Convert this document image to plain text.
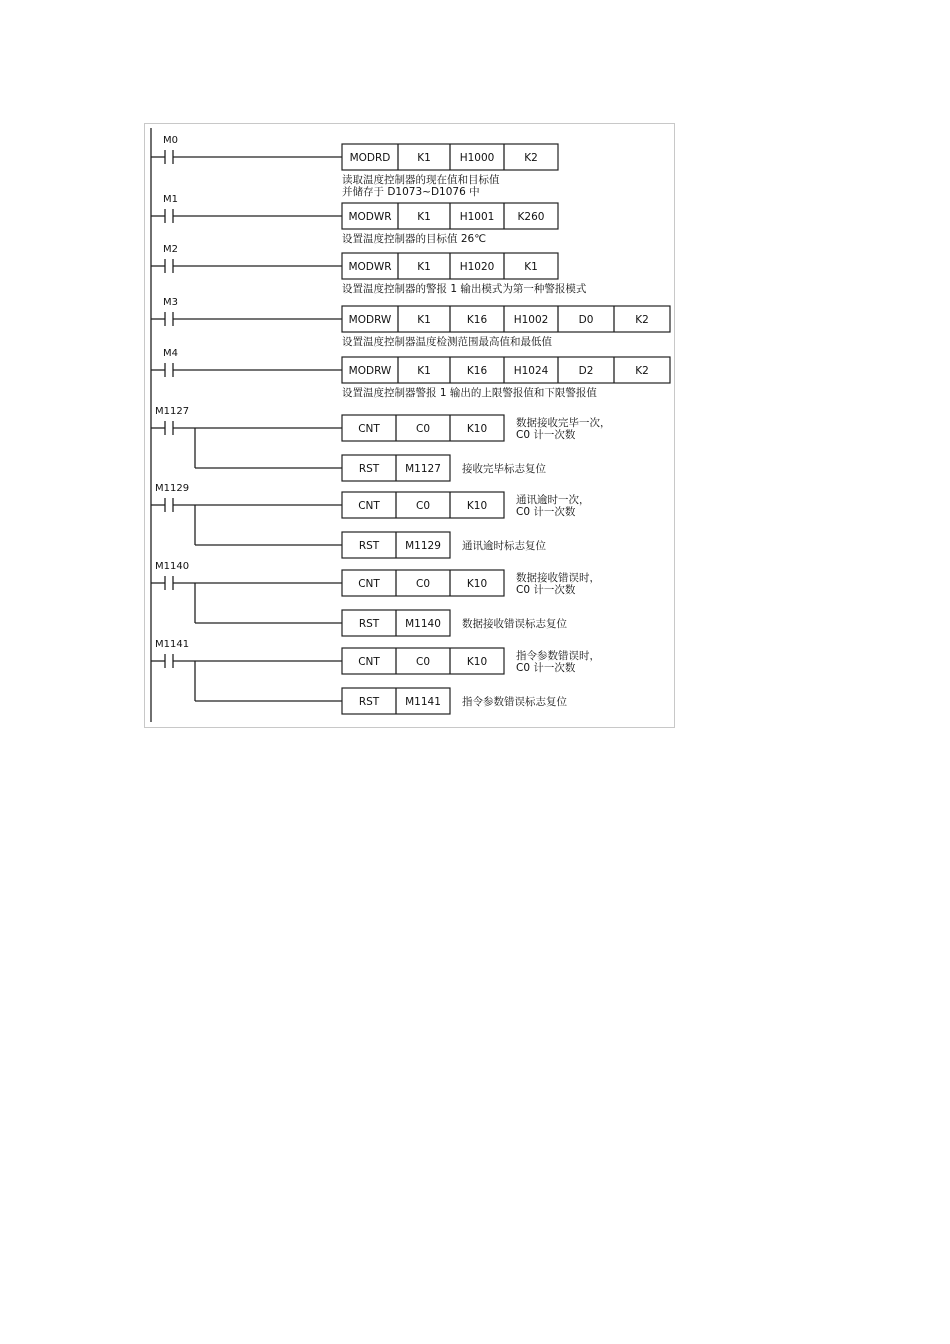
M0
MODRD	K1	H1000	K2
读取温度控制器的现在值和目标值
并储存于 D1073~D1076 中
M1
MODWR K1	H1001 K260
设置温度控制器的目标值 26℃
M2
MODWR K1	H1020	K1
设置温度控制器的警报 1 输出模式为第一种警报模式
M3
MODRW K1	K16	H1002	D0	K2
设置温度控制器温度检测范围最高值和最低值
M4
MODRW K1	K16	H1024	D2	K2
设置温度控制器警报 1 输出的上限警报值和下限警报值
M1127
CNT	C0	K10	数据接收完毕一次，
C0 计一次数
RST M1127 接收完毕标志复位
M1129
CNT	C0	K10	通讯逾时一次，
C0 计一次数
RST M1129 通讯逾时标志复位
M1140
CNT	C0	K10	数据接收错误时，
C0 计一次数
RST M1140 数据接收错误标志复位
M1141
CNT	C0	K10	指令参数错误时，
C0 计一次数
RST M1141 指令参数错误标志复位
